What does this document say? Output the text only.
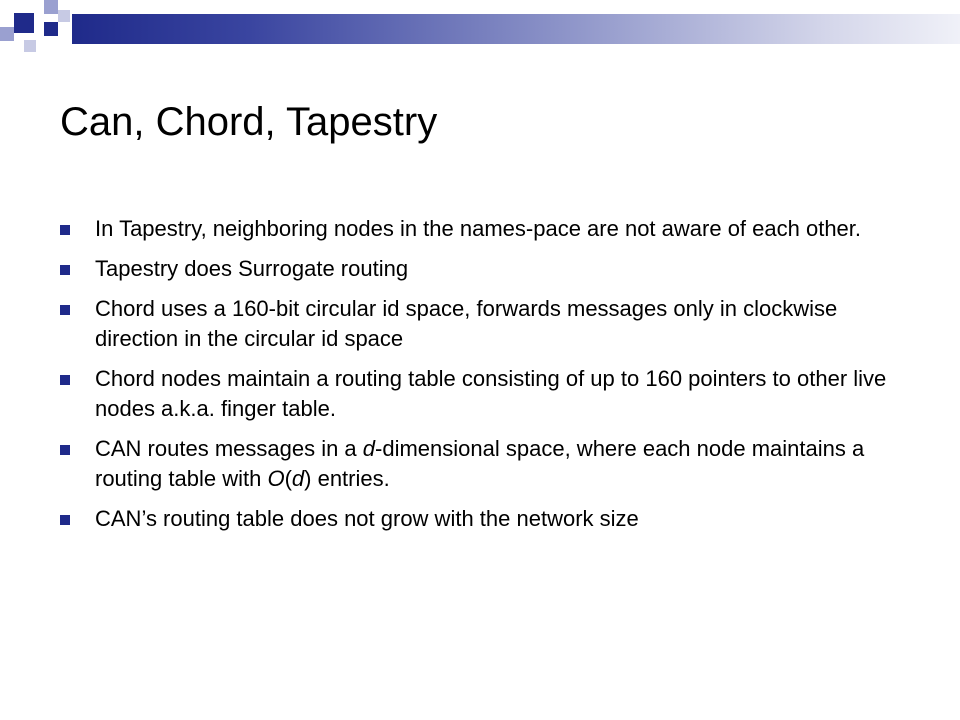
Can, Chord, Tapestry
In Tapestry, neighboring nodes in the names-pace are not aware of each other.
Tapestry does Surrogate routing
Chord uses a 160-bit circular id space, forwards messages only in clockwise direction in the circular id space
Chord nodes maintain a routing table consisting of up to 160 pointers to other live nodes a.k.a. finger table.
CAN routes messages in a d-dimensional space, where each node maintains a routing table with O(d) entries.
CAN’s routing table does not grow with the network size
